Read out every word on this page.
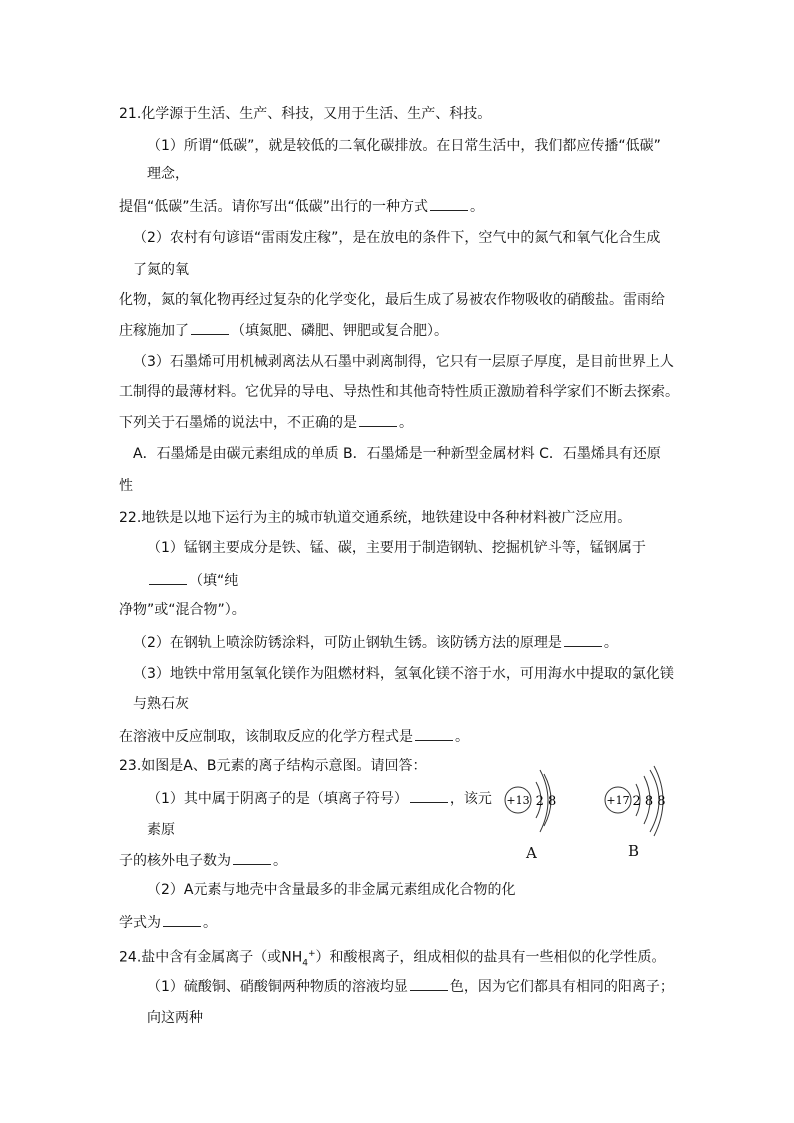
21.化学源于生活、生产、科技，又用于生活、生产、科技。
（1）所谓“低碳”，就是较低的二氧化碳排放。在日常生活中，我们都应传播“低碳”
理念，
提倡“低碳”生活。请你写出“低碳”出行的一种方式	。
（2）农村有句谚语“雷雨发庄稼”，是在放电的条件下，空气中的氮气和氧气化合生成
了氮的氧
化物，氮的氧化物再经过复杂的化学变化，最后生成了易被农作物吸收的硝酸盐。雷雨给
庄稼施加了	（填氮肥、磷肥、钾肥或复合肥）。
（3）石墨烯可用机械剥离法从石墨中剥离制得，它只有一层原子厚度，是目前世界上人
工制得的最薄材料。它优异的导电、导热性和其他奇特性质正激励着科学家们不断去探索。
下列关于石墨烯的说法中，不正确的是	。
A．石墨烯是由碳元素组成的单质 B．石墨烯是一种新型金属材料 C．石墨烯具有还原
性
22.地铁是以地下运行为主的城市轨道交通系统，地铁建设中各种材料被广泛应用。
（1）锰钢主要成分是铁、锰、碳，主要用于制造钢轨、挖掘机铲斗等，锰钢属于
（填“纯
净物”或“混合物”）。
（2）在钢轨上喷涂防锈涂料，可防止钢轨生锈。该防锈方法的原理是	。
（3）地铁中常用氢氧化镁作为阻燃材料，氢氧化镁不溶于水，可用海水中提取的氯化镁
与熟石灰
在溶液中反应制取，该制取反应的化学方程式是	。
23.如图是A、B元素的离子结构示意图。请回答：
（1）其中属于阴离子的是（填离子符号）	，该元
素原
子的核外电子数为	。
（2）A元素与地壳中含量最多的非金属元素组成化合物的化
学式为	。
+13 2 8	+17 2 8 8
A	B
24.盐中含有金属离子（或$NH_4^+$）和酸根离子，组成相似的盐具有一些相似的化学性质。
（1）硫酸铜、硝酸铜两种物质的溶液均显	色，因为它们都具有相同的阳离子；
向这两种
